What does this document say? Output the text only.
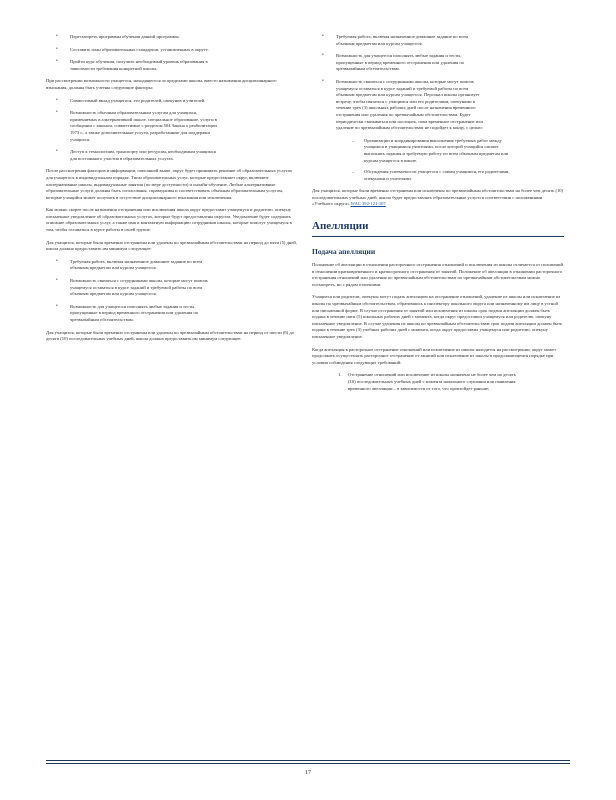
• Пересмотреть программы обучения данной программы.
• Составить план образовательных стандартов, установленных в округе.
• Пройти курс обучения, получить необходимый уровень образования в зависимости требования конкретной школы.

При рассмотрении возможности учащегося, находящегося за пределами школы, вместо назначения дисциплинарного взыскания, должны быть учтены следующие факторы:

• Совместимый вклад учащегося, его родителей, опекунов и учителей.
• Возможность обычным образовательным услугам для учащихся, применяемых в альтернативной школе, специальное образование, услуги в сообщении с законом, совместимые с разделом 504 Закона о реабилитации 1973 г., а также дополнительные услуги, разработанные для поддержки учащихся.
• Доступ к технологиям, транспорту или ресурсам, необходимым учащимся для постоянного участия в образовательных услугах.

После рассмотрения факторов и информации, описанной выше, округ будет принимать решение об образовательных услугах для учащегося в индивидуальном порядке. Типы образовательных услуг, которые предоставляет округ, включают альтернативные школы, индивидуальные занятия (по мере доступности) и онлайн-обучение. Любые альтернативные образовательные услуги должны быть согласованы, справедливы и соответствовать обычным образовательным услугам, которые учащийся может получить в отсутствие дисциплинарного взыскания или исключения.

Как можно скорее после назначения отстранения или исключения школа округ предоставит учащемуся и родителю, опекуну письменное уведомление об образовательных услугах, которые будут предоставлены округом. Уведомление будет содержать описание образовательных услуг, а также имя и контактную информацию сотрудников школы, которые помогут учащемуся в том, чтобы оставаться в курсе работы в своей группе.

Для учащихся, которые были временно отстранены или удалены по чрезвычайным обстоятельствам на период до пяти (5) дней, школа должна предоставить им минимум следующее:

• Требуемая работа, включая назначенное домашнее задание по всем обычным предметам или курсам учащегося.
• Возможность связаться с сотрудниками школы, которые могут помочь учащемуся оставаться в курсе заданий и требуемой работы по всем обычным предметам или курсам учащегося.
• Возможность для учащегося пополнять любые задания и тесты, пропущенные в период временного отстранения или удаления по чрезвычайным обстоятельствам.

Для учащихся, которые были временно отстранены или удалены по чрезвычайным обстоятельствам на период от шести (6) до десяти (10) последовательных учебных дней, школа должна предоставить им минимум следующее:

• Требуемая работа, включая назначенное домашнее задание по всем обычным предметам или курсам учащегося.
• Возможность для учащегося пополнять любые задания и тесты, пропущенные в период временного отстранения или удаления по чрезвычайным обстоятельствам.
• Возможность связаться с сотрудниками школы, которые могут помочь учащемуся оставаться в курсе заданий и требуемой работы по всем обычным предметам или курсам учащегося. Персонал школы организует встречу, чтобы связаться с учащимся или его родителями, опекунами в течение трех (3) школьных рабочих дней после назначения временного отстранения или удаления по чрезвычайным обстоятельствам. Будет периодически связываться или посещать, пока временное отстранение или удаление по чрезвычайным обстоятельствам не подойдет к концу, с целью:
– Организации и координирования выполнения требуемых работ между учащимся и учащимися учителями, после которой учащийся сможет выполнять задания и требуемую работу по всем обычным предметам или курсам учащегося в школе.
– Обсуждения успеваемости учащегося с самим учащимся, его родителями, опекунами и учителями.

Для учащихся, которые были временно отстранены или исключены по чрезвычайным обстоятельствам на более чем десять (10) последовательных учебных дней, школа будет предоставлять образовательные услуги в соответствии с положениями «Учебного округа» WAC 392-121-107

Апелляции
Подача апелляции

Положение об апелляции в отношении расторочного отстранения отношений и исключения из школы отличается от положений в отношении кратковременного и краткосрочного отстранения от занятий. Положение об апелляции в отношении расторочного отстранения отношений или удаления по чрезвычайным обстоятельствам по чрезвычайным обстоятельствам можно посмотреть, но с рядом отличиями.

Учащиеся или родители, опекуны могут подать апелляцию на отстранение отношений, удаление из школы или исключение из школы по чрезвычайным обстоятельствам, обратившись к инспектору школьного округа или назначенному им лицу в устной или письменной форме. В случае отстранения от занятий или исключения из школы срок подачи апелляции должен быть подана в течение пяти (5) школьных рабочих дней с момента, когда округ предоставил учащемуся или родителю, опекуну письменное уведомление. В случае удаления из школы по чрезвычайным обстоятельствам срок подачи апелляции должен быть подана в течение трех (3) учебных рабочих дней с момента, когда округ предоставил учащемуся или родителю, опекуну письменное уведомление.

Когда апелляция в расторочное отстранение отношений или исключение из школы находится на рассмотрении, округ может продолжать осуществлять расторочное отстранение от занятий или исключение из школы в продолжающемся порядке при условии соблюдения следующих требований:

1. Отстранение отношений или исключение из школы назначено не более чем на десять (10) последовательных учебных дней с момента начального слушания или появления временного апелляции – в зависимости от того, что произойдет раньше;
17
